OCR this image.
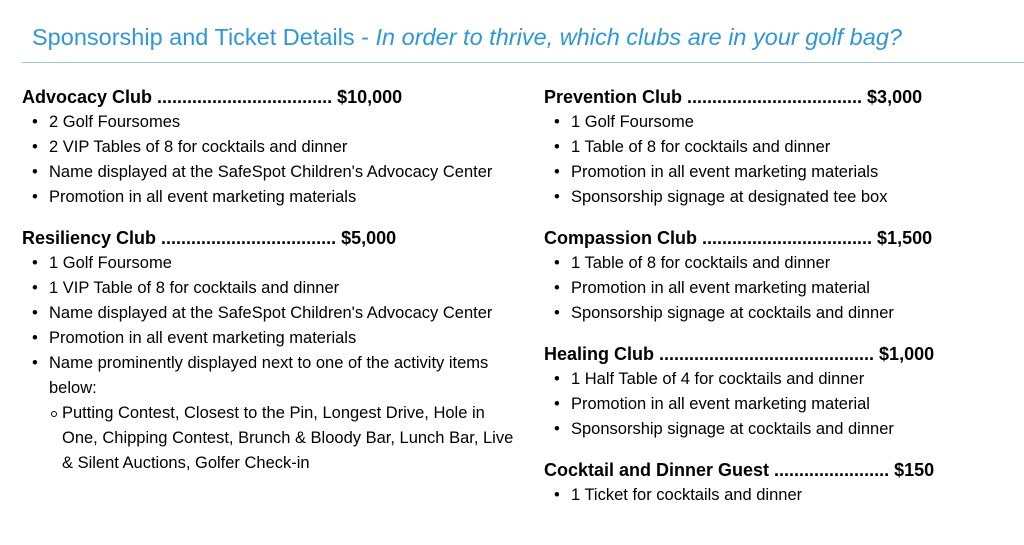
Sponsorship and Ticket Details - In order to thrive, which clubs are in your golf bag?
Advocacy Club ................................... $10,000
• 2 Golf Foursomes
• 2 VIP Tables of 8 for cocktails and dinner
• Name displayed at the SafeSpot Children's Advocacy Center
• Promotion in all event marketing materials
Resiliency Club ................................... $5,000
• 1 Golf Foursome
• 1 VIP Table of 8 for cocktails and dinner
• Name displayed at the SafeSpot Children's Advocacy Center
• Promotion in all event marketing materials
• Name prominently displayed next to one of the activity items below:
Putting Contest, Closest to the Pin, Longest Drive, Hole in One, Chipping Contest, Brunch & Bloody Bar, Lunch Bar, Live & Silent Auctions, Golfer Check-in
Prevention Club ................................... $3,000
• 1 Golf Foursome
• 1 Table of 8 for cocktails and dinner
• Promotion in all event marketing materials
• Sponsorship signage at designated tee box
Compassion Club .................................. $1,500
• 1 Table of 8 for cocktails and dinner
• Promotion in all event marketing material
• Sponsorship signage at cocktails and dinner
Healing Club ........................................... $1,000
• 1 Half Table of 4 for cocktails and dinner
• Promotion in all event marketing material
• Sponsorship signage at cocktails and dinner
Cocktail and Dinner Guest ....................... $150
• 1 Ticket for cocktails and dinner
